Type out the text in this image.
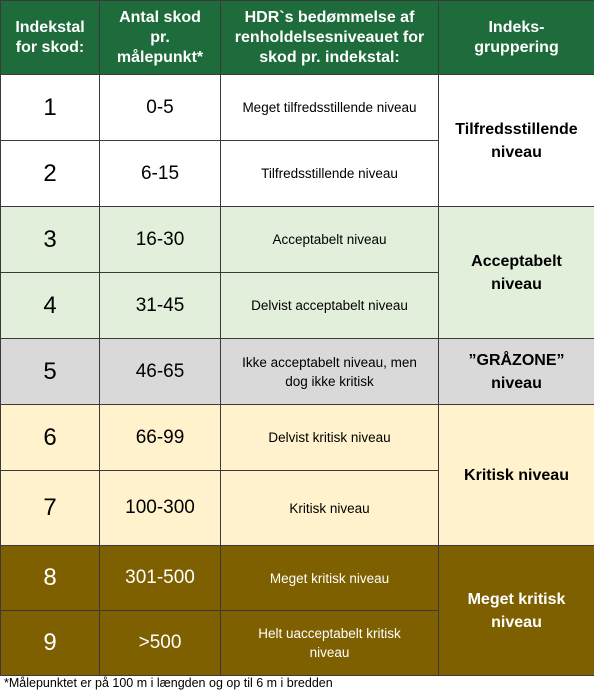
Indekstal
for skod:	Antal skod
pr.
målepunkt*	HDR`s bedømmelse af
renholdelsesniveauet for
skod pr. indekstal:	Indeks-
gruppering
1	0-5	Meget tilfredsstillende niveau	Tilfredsstillende
niveau
2	6-15	Tilfredsstillende niveau	
3	16-30	Acceptabelt niveau	Acceptabelt
niveau
4	31-45	Delvist acceptabelt niveau	
5	46-65	Ikke acceptabelt niveau, men
dog ikke kritisk	”GRÅZONE”
niveau
6	66-99	Delvist kritisk niveau	Kritisk niveau
7	100-300	Kritisk niveau	
8	301-500	Meget kritisk niveau	Meget kritisk
niveau
9	>500	Helt uacceptabelt kritisk
niveau	
*Målepunktet er på 100 m i længden og op til 6 m i bredden
